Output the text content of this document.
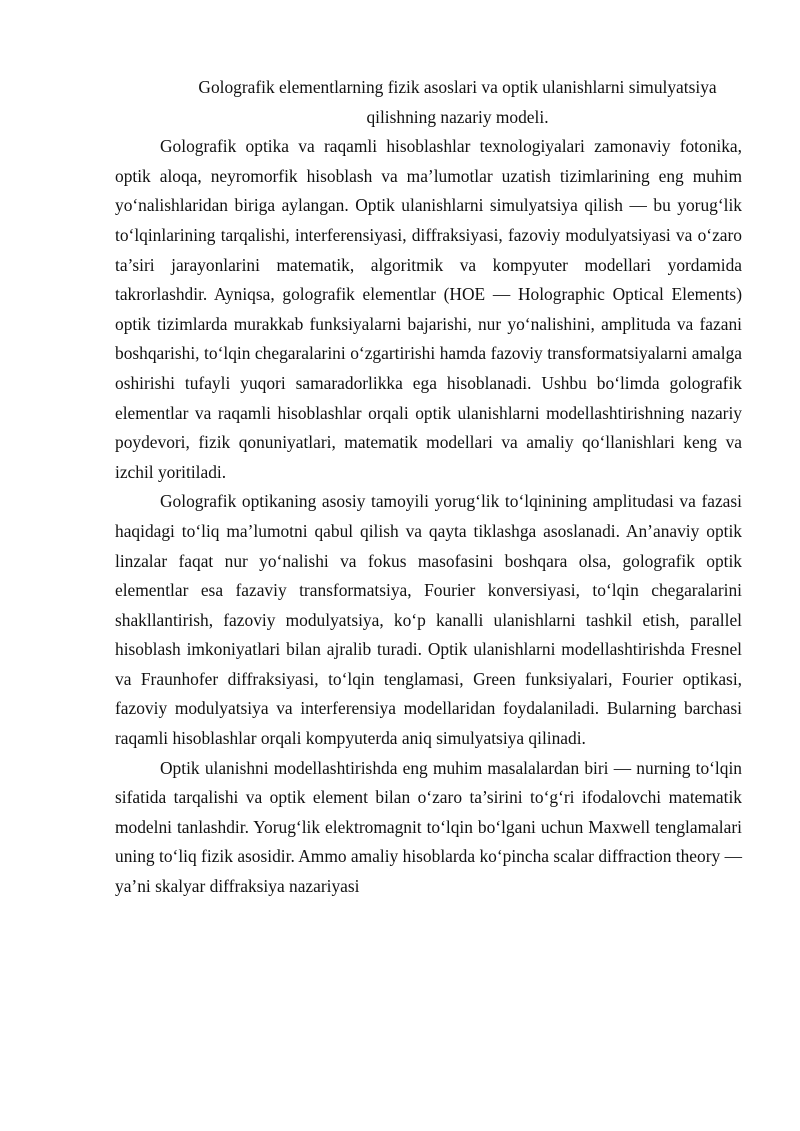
Golografik elementlarning fizik asoslari va optik ulanishlarni simulyatsiya qilishning nazariy modeli.

Golografik optika va raqamli hisoblashlar texnologiyalari zamonaviy fotonika, optik aloqa, neyromorfik hisoblash va ma’lumotlar uzatish tizimlarining eng muhim yo‘nalishlaridan biriga aylangan. Optik ulanishlarni simulyatsiya qilish — bu yorug‘lik to‘lqinlarining tarqalishi, interferensiyasi, diffraksiyasi, fazoviy modulyatsiyasi va o‘zaro ta’siri jarayonlarini matematik, algoritmik va kompyuter modellari yordamida takrorlashdir. Ayniqsa, golografik elementlar (HOE — Holographic Optical Elements) optik tizimlarda murakkab funksiyalarni bajarishi, nur yo‘nalishini, amplituda va fazani boshqarishi, to‘lqin chegaralarini o‘zgartirishi hamda fazoviy transformatsiyalarni amalga oshirishi tufayli yuqori samaradorlikka ega hisoblanadi. Ushbu bo‘limda golografik elementlar va raqamli hisoblashlar orqali optik ulanishlarni modellashtirishning nazariy poydevori, fizik qonuniyatlari, matematik modellari va amaliy qo‘llanishlari keng va izchil yoritiladi.

Golografik optikaning asosiy tamoyili yorug‘lik to‘lqinining amplitudasi va fazasi haqidagi to‘liq ma’lumotni qabul qilish va qayta tiklashga asoslanadi. An’anaviy optik linzalar faqat nur yo‘nalishi va fokus masofasini boshqara olsa, golografik optik elementlar esa fazaviy transformatsiya, Fourier konversiyasi, to‘lqin chegaralarini shakllantirish, fazoviy modulyatsiya, ko‘p kanalli ulanishlarni tashkil etish, parallel hisoblash imkoniyatlari bilan ajralib turadi. Optik ulanishlarni modellashtirishda Fresnel va Fraunhofer diffraksiyasi, to‘lqin tenglamasi, Green funksiyalari, Fourier optikasi, fazoviy modulyatsiya va interferensiya modellaridan foydalaniladi. Bularning barchasi raqamli hisoblashlar orqali kompyuterda aniq simulyatsiya qilinadi.

Optik ulanishni modellashtirishda eng muhim masalalardan biri — nurning to‘lqin sifatida tarqalishi va optik element bilan o‘zaro ta’sirini to‘g‘ri ifodalovchi matematik modelni tanlashdir. Yorug‘lik elektromagnit to‘lqin bo‘lgani uchun Maxwell tenglamalari uning to‘liq fizik asosidir. Ammo amaliy hisoblarda ko‘pincha scalar diffraction theory — ya’ni skalyar diffraksiya nazariyasi
